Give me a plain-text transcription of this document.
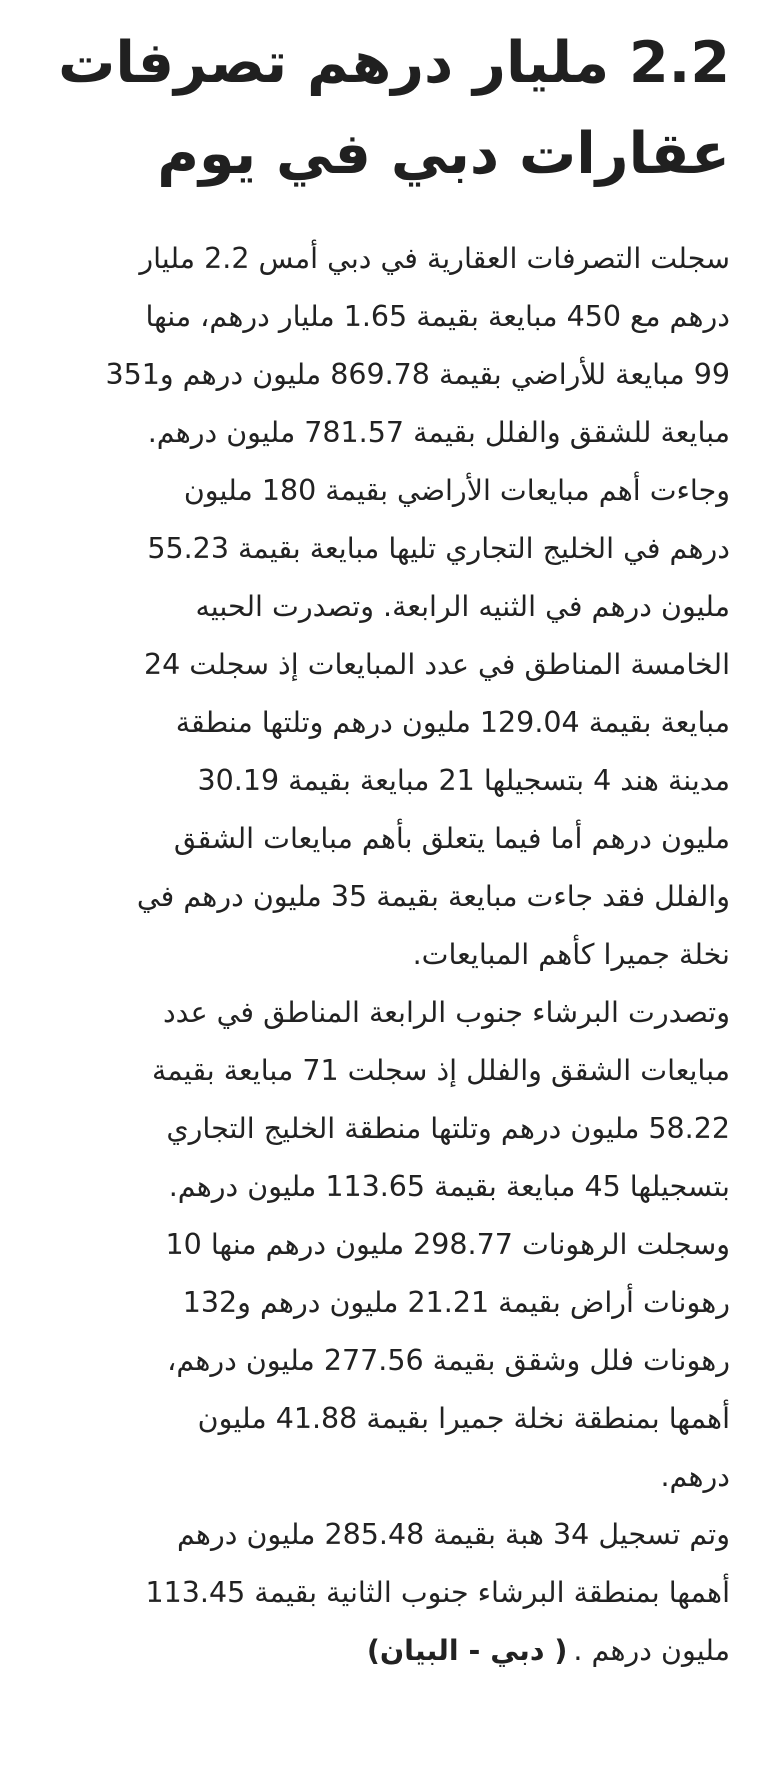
2.2 مليار درهم تصرفات
عقارات دبي في يوم
سجلت التصرفات العقارية في دبي أمس 2.2 مليار
درهم مع 450 مبايعة بقيمة 1.65 مليار درهم، منها
99 مبايعة للأراضي بقيمة 869.78 مليون درهم و351
مبايعة للشقق والفلل بقيمة 781.57 مليون درهم.
وجاءت أهم مبايعات الأراضي بقيمة 180 مليون
درهم في الخليج التجاري تليها مبايعة بقيمة 55.23
مليون درهم في الثنيه الرابعة. وتصدرت الحبيه
الخامسة المناطق في عدد المبايعات إذ سجلت 24
مبايعة بقيمة 129.04 مليون درهم وتلتها منطقة
مدينة هند 4 بتسجيلها 21 مبايعة بقيمة 30.19
مليون درهم أما فيما يتعلق بأهم مبايعات الشقق
والفلل فقد جاءت مبايعة بقيمة 35 مليون درهم في
نخلة جميرا كأهم المبايعات.
وتصدرت البرشاء جنوب الرابعة المناطق في عدد
مبايعات الشقق والفلل إذ سجلت 71 مبايعة بقيمة
58.22 مليون درهم وتلتها منطقة الخليج التجاري
بتسجيلها 45 مبايعة بقيمة 113.65 مليون درهم.
وسجلت الرهونات 298.77 مليون درهم منها 10
رهونات أراض بقيمة 21.21 مليون درهم و132
رهونات فلل وشقق بقيمة 277.56 مليون درهم،
أهمها بمنطقة نخلة جميرا بقيمة 41.88 مليون
درهم.
وتم تسجيل 34 هبة بقيمة 285.48 مليون درهم
أهمها بمنطقة البرشاء جنوب الثانية بقيمة 113.45
مليون درهم .( دبي - البيان)
